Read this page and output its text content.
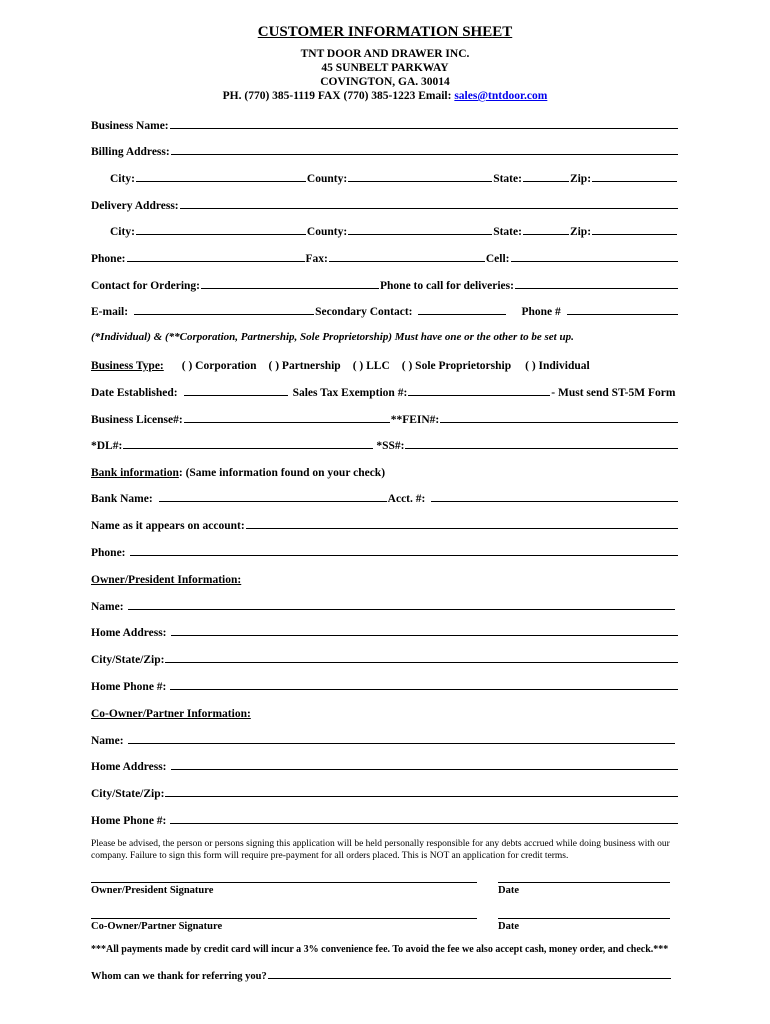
CUSTOMER INFORMATION SHEET
TNT DOOR AND DRAWER INC.
45 SUNBELT PARKWAY
COVINGTON, GA. 30014
PH. (770) 385-1119 FAX (770) 385-1223 Email: sales@tntdoor.com
Business Name:
Billing Address:
City:	County:	State:	Zip:
Delivery Address:
City:	County:	State:	Zip:
Phone:	Fax:	Cell:
Contact for Ordering:	Phone to call for deliveries:
E-mail:	Secondary Contact:	Phone #
(*Individual) & (**Corporation, Partnership, Sole Proprietorship) Must have one or the other to be set up.
Business Type: ( ) Corporation ( ) Partnership ( ) LLC ( ) Sole Proprietorship ( ) Individual
Date Established:	Sales Tax Exemption #:	- Must send ST-5M Form
Business License#:	**FEIN#:
*DL#:	*SS#:
Bank information : (Same information found on your check)
Bank Name:	Acct. #:
Name as it appears on account:
Phone:
Owner/President Information:
Name:
Home Address:
City/State/Zip:
Home Phone #:
Co-Owner/Partner Information:
Name:
Home Address:
City/State/Zip:
Home Phone #:
Please be advised, the person or persons signing this application will be held personally responsible for any debts accrued while doing business with our company. Failure to sign this form will require pre-payment for all orders placed. This is NOT an application for credit terms.
Owner/President Signature	Date
Co-Owner/Partner Signature	Date
***All payments made by credit card will incur a 3% convenience fee. To avoid the fee we also accept cash, money order, and check.***
Whom can we thank for referring you?
